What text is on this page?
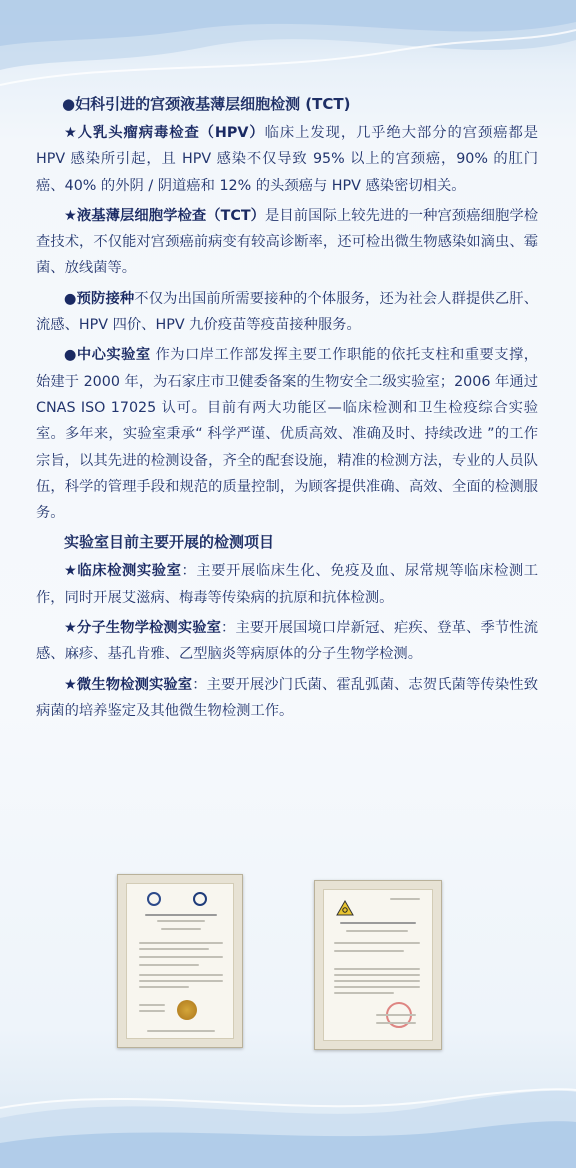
●妇科引进的宫颈液基薄层细胞检测 (TCT)

★人乳头瘤病毒检查（HPV）临床上发现，几乎绝大部分的宫颈癌都是 HPV 感染所引起，且 HPV 感染不仅导致 95% 以上的宫颈癌，90% 的肛门癌、40% 的外阴 / 阴道癌和 12% 的头颈癌与 HPV 感染密切相关。

★液基薄层细胞学检查（TCT）是目前国际上较先进的一种宫颈癌细胞学检查技术，不仅能对宫颈癌前病变有较高诊断率，还可检出微生物感染如滴虫、霉菌、放线菌等。

●预防接种不仅为出国前所需要接种的个体服务，还为社会人群提供乙肝、流感、HPV 四价、HPV 九价疫苗等疫苗接种服务。

●中心实验室 作为口岸工作部发挥主要工作职能的依托支柱和重要支撑，始建于 2000 年，为石家庄市卫健委备案的生物安全二级实验室；2006 年通过 CNAS ISO 17025 认可。目前有两大功能区—临床检测和卫生检疫综合实验室。多年来，实验室秉承“ 科学严谨、优质高效、准确及时、持续改进 ”的工作宗旨，以其先进的检测设备，齐全的配套设施，精准的检测方法，专业的人员队伍，科学的管理手段和规范的质量控制，为顾客提供准确、高效、全面的检测服务。

实验室目前主要开展的检测项目

★临床检测实验室：主要开展临床生化、免疫及血、尿常规等临床检测工作，同时开展艾滋病、梅毒等传染病的抗原和抗体检测。

★分子生物学检测实验室：主要开展国境口岸新冠、疟疾、登革、季节性流感、麻疹、基孔肯雅、乙型脑炎等病原体的分子生物学检测。

★微生物检测实验室：主要开展沙门氏菌、霍乱弧菌、志贺氏菌等传染性致病菌的培养鉴定及其他微生物检测工作。
